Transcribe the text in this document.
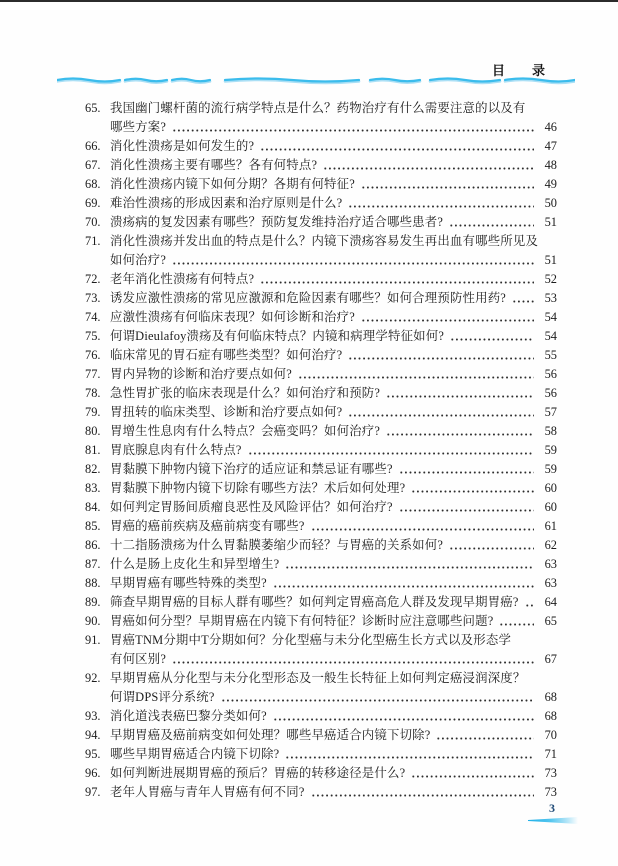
目　录
65. 我国幽门螺杆菌的流行病学特点是什么？药物治疗有什么需要注意的以及有
哪些方案?	46
66. 消化性溃疡是如何发生的?	47
67. 消化性溃疡主要有哪些？各有何特点?	48
68. 消化性溃疡内镜下如何分期？各期有何特征?	49
69. 难治性溃疡的形成因素和治疗原则是什么?	50
70. 溃疡病的复发因素有哪些？预防复发维持治疗适合哪些患者?	51
71. 消化性溃疡并发出血的特点是什么？内镜下溃疡容易发生再出血有哪些所见及
如何治疗?	51
72. 老年消化性溃疡有何特点?	52
73. 诱发应激性溃疡的常见应激源和危险因素有哪些？如何合理预防性用药?	53
74. 应激性溃疡有何临床表现？如何诊断和治疗?	54
75. 何谓Dieulafoy溃疡及有何临床特点？内镜和病理学特征如何?	54
76. 临床常见的胃石症有哪些类型？如何治疗?	55
77. 胃内异物的诊断和治疗要点如何?	56
78. 急性胃扩张的临床表现是什么？如何治疗和预防?	56
79. 胃扭转的临床类型、诊断和治疗要点如何?	57
80. 胃增生性息肉有什么特点？会癌变吗？如何治疗?	58
81. 胃底腺息肉有什么特点?	59
82. 胃黏膜下肿物内镜下治疗的适应证和禁忌证有哪些?	59
83. 胃黏膜下肿物内镜下切除有哪些方法？术后如何处理?	60
84. 如何判定胃肠间质瘤良恶性及风险评估？如何治疗?	60
85. 胃癌的癌前疾病及癌前病变有哪些?	61
86. 十二指肠溃疡为什么胃黏膜萎缩少而轻？与胃癌的关系如何?	62
87. 什么是肠上皮化生和异型增生?	63
88. 早期胃癌有哪些特殊的类型?	63
89. 筛查早期胃癌的目标人群有哪些？如何判定胃癌高危人群及发现早期胃癌?	64
90. 胃癌如何分型？早期胃癌在内镜下有何特征？诊断时应注意哪些问题?	65
91. 胃癌TNM分期中T分期如何？分化型癌与未分化型癌生长方式以及形态学
有何区别?	67
92. 早期胃癌从分化型与未分化型形态及一般生长特征上如何判定癌浸润深度？
何谓DPS评分系统?	68
93. 消化道浅表癌巴黎分类如何?	68
94. 早期胃癌及癌前病变如何处理？哪些早癌适合内镜下切除?	70
95. 哪些早期胃癌适合内镜下切除?	71
96. 如何判断进展期胃癌的预后？胃癌的转移途径是什么?	73
97. 老年人胃癌与青年人胃癌有何不同?	73
3
